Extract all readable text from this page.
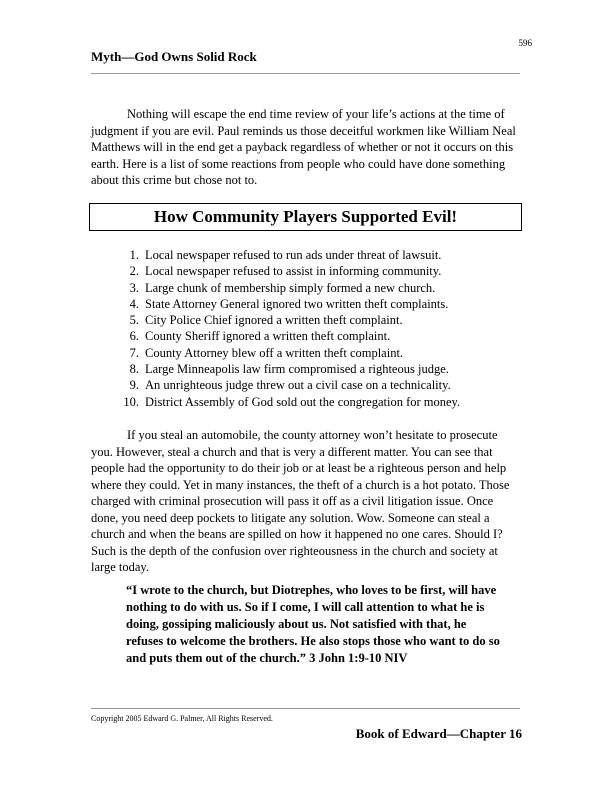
596
Myth—God Owns Solid Rock

Nothing will escape the end time review of your life’s actions at the time of judgment if you are evil. Paul reminds us those deceitful workmen like William Neal Matthews will in the end get a payback regardless of whether or not it occurs on this earth. Here is a list of some reactions from people who could have done something about this crime but chose not to.

How Community Players Supported Evil!
1. Local newspaper refused to run ads under threat of lawsuit.
2. Local newspaper refused to assist in informing community.
3. Large chunk of membership simply formed a new church.
4. State Attorney General ignored two written theft complaints.
5. City Police Chief ignored a written theft complaint.
6. County Sheriff ignored a written theft complaint.
7. County Attorney blew off a written theft complaint.
8. Large Minneapolis law firm compromised a righteous judge.
9. An unrighteous judge threw out a civil case on a technicality.
10. District Assembly of God sold out the congregation for money.

If you steal an automobile, the county attorney won’t hesitate to prosecute you. However, steal a church and that is very a different matter. You can see that people had the opportunity to do their job or at least be a righteous person and help where they could. Yet in many instances, the theft of a church is a hot potato. Those charged with criminal prosecution will pass it off as a civil litigation issue. Once done, you need deep pockets to litigate any solution. Wow. Someone can steal a church and when the beans are spilled on how it happened no one cares. Should I? Such is the depth of the confusion over righteousness in the church and society at large today.

“I wrote to the church, but Diotrephes, who loves to be first, will have nothing to do with us. So if I come, I will call attention to what he is doing, gossiping maliciously about us. Not satisfied with that, he refuses to welcome the brothers. He also stops those who want to do so and puts them out of the church.” 3 John 1:9-10 NIV

Copyright 2005 Edward G. Palmer, All Rights Reserved.
Book of Edward—Chapter 16
